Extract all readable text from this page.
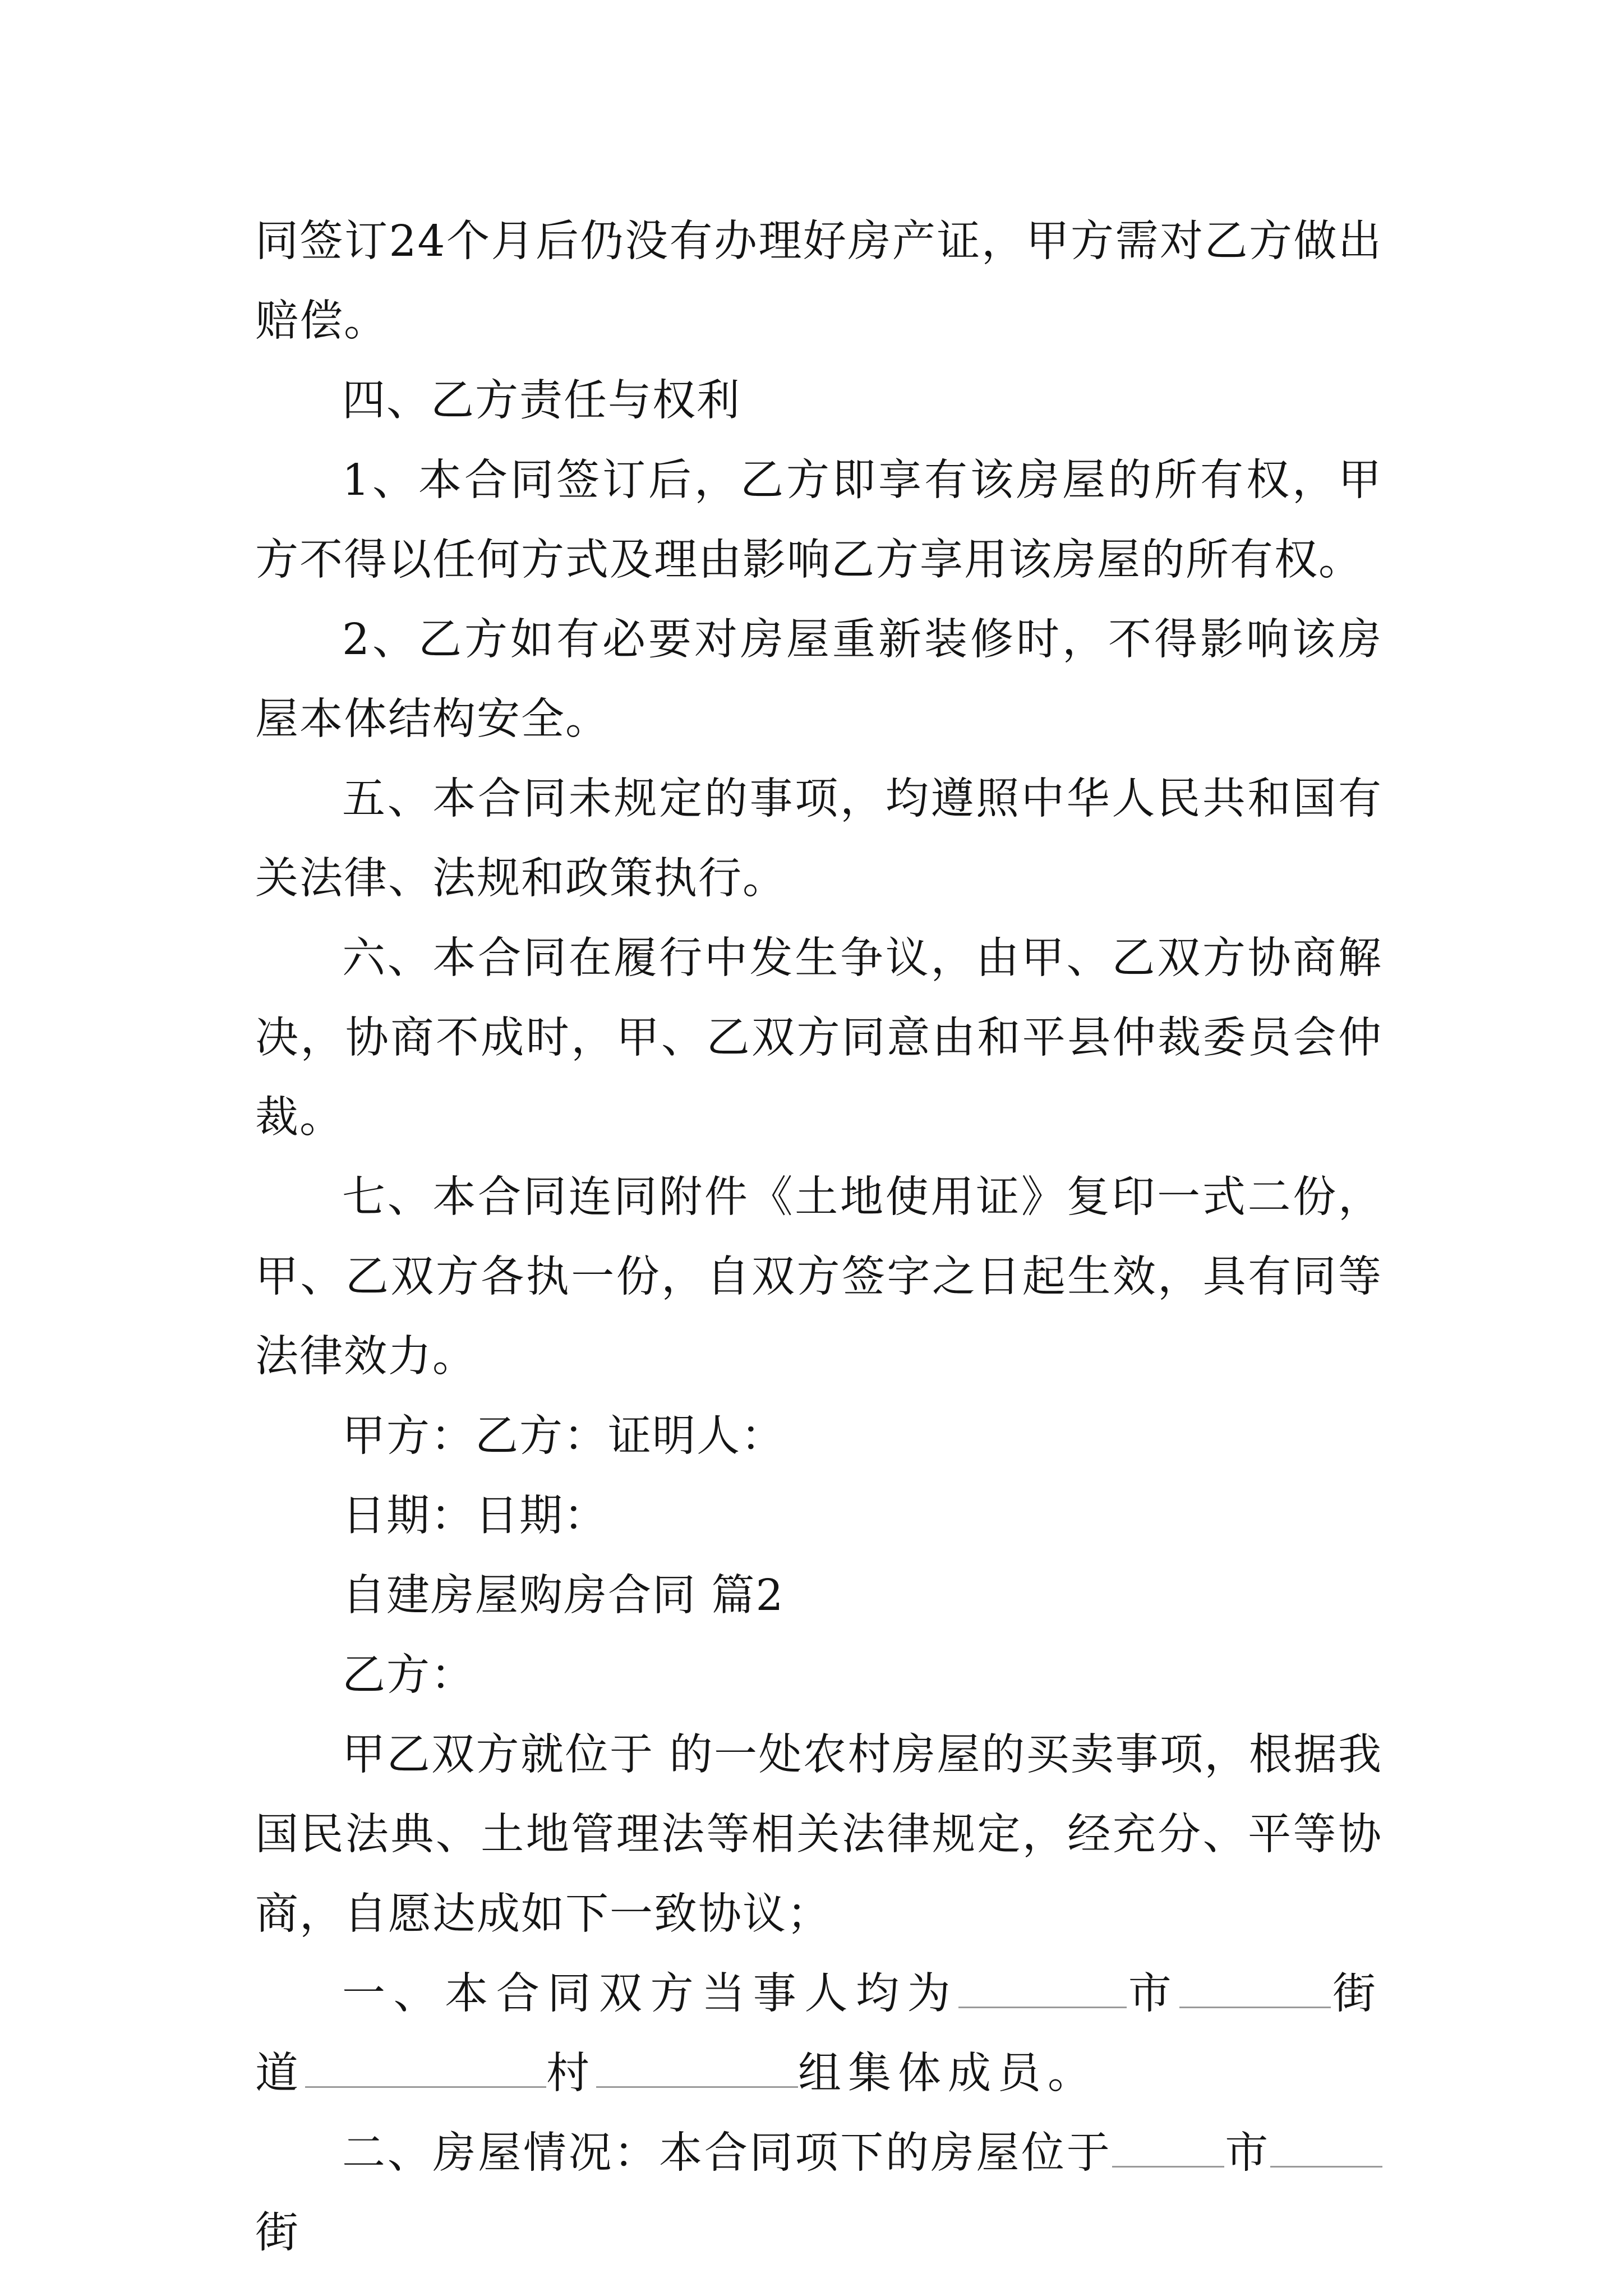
同签订24个月后仍没有办理好房产证，甲方需对乙方做出赔偿。

四、乙方责任与权利

1、本合同签订后，乙方即享有该房屋的所有权，甲方不得以任何方式及理由影响乙方享用该房屋的所有权。

2、乙方如有必要对房屋重新装修时，不得影响该房屋本体结构安全。

五、本合同未规定的事项，均遵照中华人民共和国有关法律、法规和政策执行。

六、本合同在履行中发生争议，由甲、乙双方协商解决，协商不成时，甲、乙双方同意由和平县仲裁委员会仲裁。

七、本合同连同附件《土地使用证》复印一式二份，甲、乙双方各执一份，自双方签字之日起生效，具有同等法律效力。

甲方：乙方：证明人：

日期：日期：

自建房屋购房合同 篇2

乙方：

甲乙双方就位于 的一处农村房屋的买卖事项，根据我国民法典、土地管理法等相关法律规定，经充分、平等协商，自愿达成如下一致协议；

一、本合同双方当事人均为	市	街道	村	组集体成员。

二、房屋情况：本合同项下的房屋位于	市街
